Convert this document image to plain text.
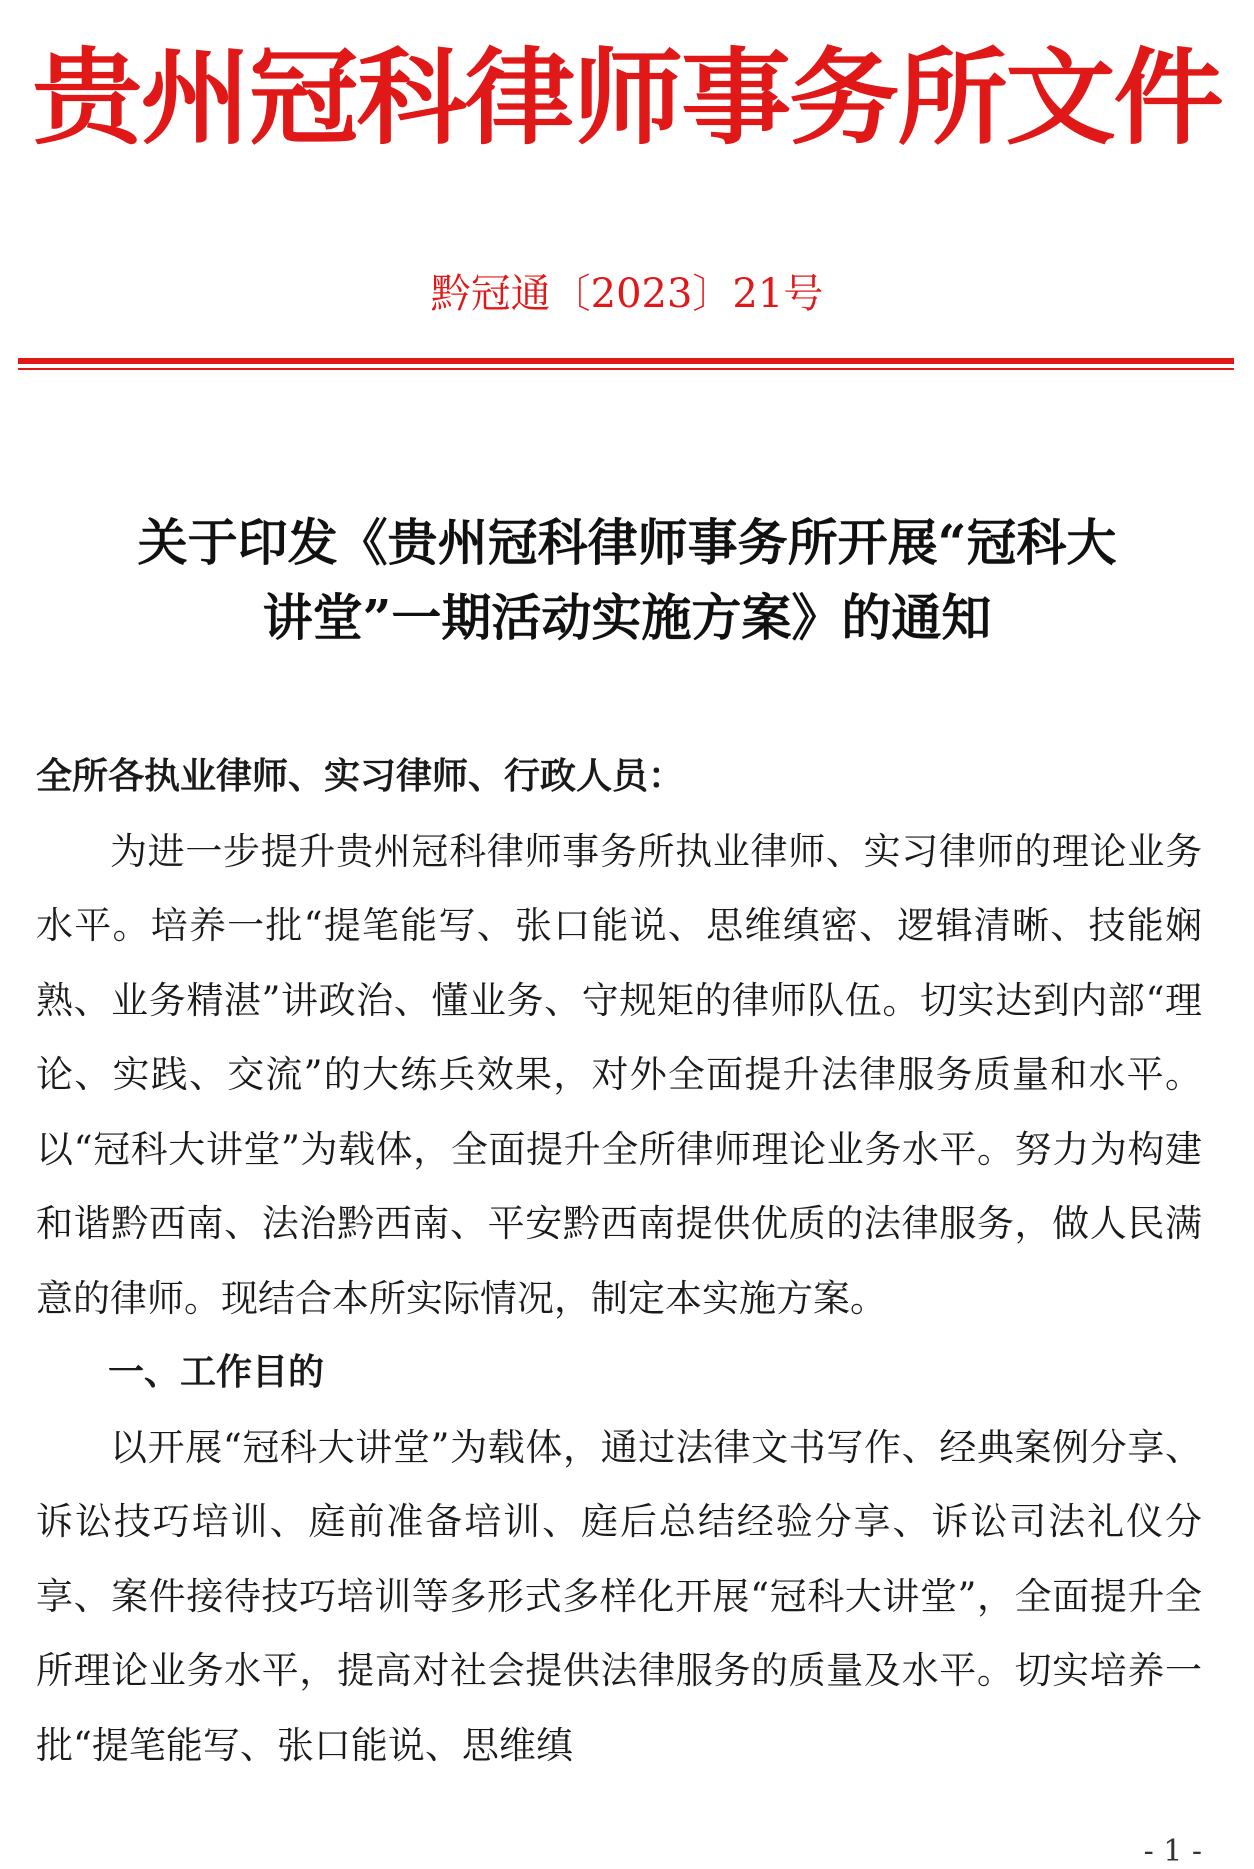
贵州冠科律师事务所文件
黔冠通〔2023〕21号
关于印发《贵州冠科律师事务所开展“冠科大
讲堂”一期活动实施方案》的通知
全所各执业律师、实习律师、行政人员：

为进一步提升贵州冠科律师事务所执业律师、实习律师的理论业务水平。培养一批“提笔能写、张口能说、思维缜密、逻辑清晰、技能娴熟、业务精湛”讲政治、懂业务、守规矩的律师队伍。切实达到内部“理论、实践、交流”的大练兵效果，对外全面提升法律服务质量和水平。以“冠科大讲堂”为载体，全面提升全所律师理论业务水平。努力为构建和谐黔西南、法治黔西南、平安黔西南提供优质的法律服务，做人民满意的律师。现结合本所实际情况，制定本实施方案。

一、工作目的

以开展“冠科大讲堂”为载体，通过法律文书写作、经典案例分享、诉讼技巧培训、庭前准备培训、庭后总结经验分享、诉讼司法礼仪分享、案件接待技巧培训等多形式多样化开展“冠科大讲堂”，全面提升全所理论业务水平，提高对社会提供法律服务的质量及水平。切实培养一批“提笔能写、张口能说、思维缜

- 1 -
